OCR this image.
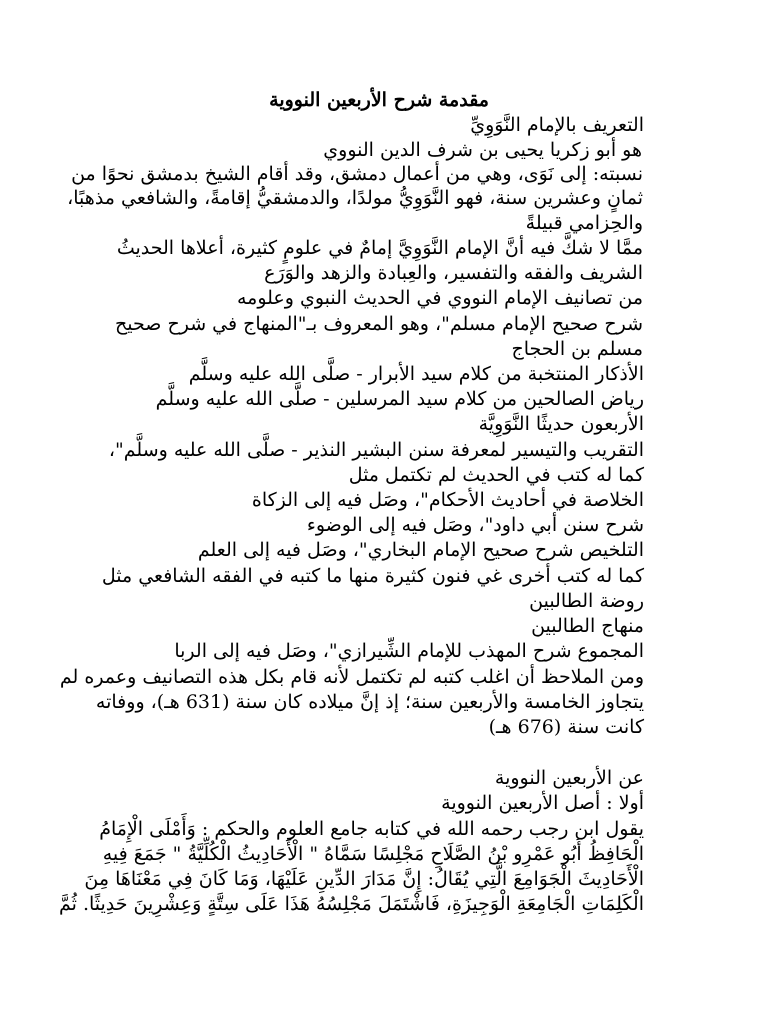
مقدمة شرح الأربعين النووية
التعريف بالإمام النَّوَوِيِّ
هو أبو زكريا يحيى بن شرف الدين النووي
نسبته: إلى نَوَى، وهي من أعمال دمشق، وقد أقام الشيخ بدمشق نحوًا من
ثمانٍ وعشرين سنة، فهو النَّوَوِيُّ مولدًا، والدمشقيُّ إقامةً، والشافعي مذهبًا،
والحِزامي قبيلةً
ممَّا لا شكَّ فيه أنَّ الإمام النَّوَوِيَّ إمامٌ في علومٍ كثيرة، أعلاها الحديثُ
الشريف والفقه والتفسير، والعِبادة والزهد والوَرَع
من تصانيف الإمام النووي في الحديث النبوي وعلومه
شرح صحيح الإمام مسلم"، وهو المعروف بـ"المنهاج في شرح صحيح
مسلم بن الحجاج
الأذكار المنتخبة من كلام سيد الأبرار - صلَّى الله عليه وسلَّم
رياض الصالحين من كلام سيد المرسلين - صلَّى الله عليه وسلَّم
الأربعون حديثًا النَّوَوِيَّة
التقريب والتيسير لمعرفة سنن البشير النذير - صلَّى الله عليه وسلَّم"،
كما له كتب في الحديث لم تكتمل مثل
الخلاصة في أحاديث الأحكام"، وصَل فيه إلى الزكاة
شرح سنن أبي داود"، وصَل فيه إلى الوضوء
التلخيص شرح صحيح الإمام البخاري"، وصَل فيه إلى العلم
كما له كتب أخرى غي فنون كثيرة منها ما كتبه في الفقه الشافعي مثل
روضة الطالبين
منهاج الطالبين
المجموع شرح المهذب للإمام الشِّيرازي"، وصَل فيه إلى الربا
ومن الملاحظ أن اغلب كتبه لم تكتمل لأنه قام بكل هذه التصانيف وعمره لم
يتجاوز الخامسة والأربعين سنة؛ إذ إنَّ ميلاده كان سنة (631 هـ)، ووفاته
كانت سنة (676 هـ)
عن الأربعين النووية
أولا : أصل الأربعين النووية
يقول ابن رجب رحمه الله في كتابه جامع العلوم والحكم : وَأَمْلَى الْإِمَامُ
الْحَافِظُ أَبُو عَمْرِو بْنُ الصَّلَاحِ مَجْلِسًا سَمَّاهُ " الْأَحَادِيثُ الْكُلِّيَّةُ " جَمَعَ فِيهِ
الْأَحَادِيثَ الْجَوَامِعَ الَّتِي يُقَالُ: إِنَّ مَدَارَ الدِّينِ عَلَيْهَا، وَمَا كَانَ فِي مَعْنَاهَا مِنَ
الْكَلِمَاتِ الْجَامِعَةِ الْوَجِيزَةِ، فَاشْتَمَلَ مَجْلِسُهُ هَذَا عَلَى سِتَّةٍ وَعِشْرِينَ حَدِيثًا. ثُمَّ
